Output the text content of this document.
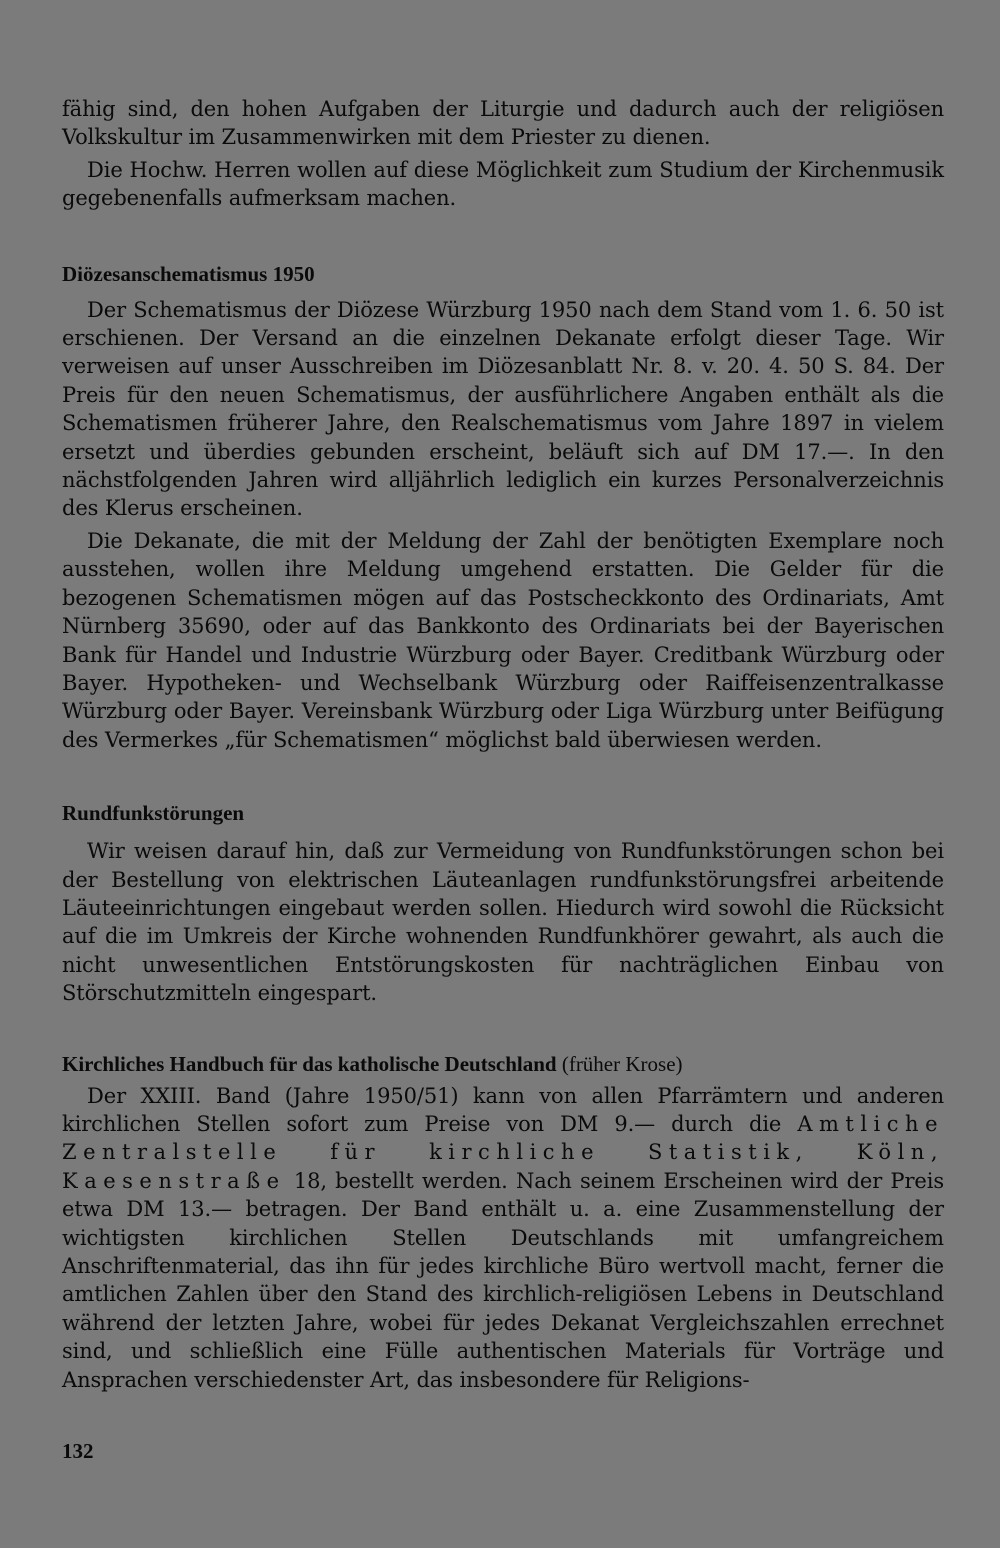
fähig sind, den hohen Aufgaben der Liturgie und dadurch auch der religiösen Volkskultur im Zusammenwirken mit dem Priester zu dienen.

Die Hochw. Herren wollen auf diese Möglichkeit zum Studium der Kirchenmusik gegebenenfalls aufmerksam machen.

Diözesanschematismus 1950

Der Schematismus der Diözese Würzburg 1950 nach dem Stand vom 1. 6. 50 ist erschienen. Der Versand an die einzelnen Dekanate erfolgt dieser Tage. Wir verweisen auf unser Ausschreiben im Diözesanblatt Nr. 8. v. 20. 4. 50 S. 84. Der Preis für den neuen Schematismus, der ausführlichere Angaben enthält als die Schematismen früherer Jahre, den Realschematismus vom Jahre 1897 in vielem ersetzt und überdies gebunden erscheint, beläuft sich auf DM 17.—. In den nächstfolgenden Jahren wird alljährlich lediglich ein kurzes Personalverzeichnis des Klerus erscheinen.

Die Dekanate, die mit der Meldung der Zahl der benötigten Exemplare noch ausstehen, wollen ihre Meldung umgehend erstatten. Die Gelder für die bezogenen Schematismen mögen auf das Postscheckkonto des Ordinariats, Amt Nürnberg 35690, oder auf das Bankkonto des Ordinariats bei der Bayerischen Bank für Handel und Industrie Würzburg oder Bayer. Creditbank Würzburg oder Bayer. Hypotheken- und Wechselbank Würzburg oder Raiffeisenzentralkasse Würzburg oder Bayer. Vereinsbank Würzburg oder Liga Würzburg unter Beifügung des Vermerkes „für Schematismen“ möglichst bald überwiesen werden.

Rundfunkstörungen

Wir weisen darauf hin, daß zur Vermeidung von Rundfunkstörungen schon bei der Bestellung von elektrischen Läuteanlagen rundfunkstörungsfrei arbeitende Läuteeinrichtungen eingebaut werden sollen. Hiedurch wird sowohl die Rücksicht auf die im Umkreis der Kirche wohnenden Rundfunkhörer gewahrt, als auch die nicht unwesentlichen Entstörungskosten für nachträglichen Einbau von Störschutzmitteln eingespart.

Kirchliches Handbuch für das katholische Deutschland (früher Krose)

Der XXIII. Band (Jahre 1950/51) kann von allen Pfarrämtern und anderen kirchlichen Stellen sofort zum Preise von DM 9.— durch die Amtliche Zentralstelle für kirchliche Statistik, Köln, Kaesenstraße 18, bestellt werden. Nach seinem Erscheinen wird der Preis etwa DM 13.— betragen. Der Band enthält u. a. eine Zusammenstellung der wichtigsten kirchlichen Stellen Deutschlands mit umfangreichem Anschriftenmaterial, das ihn für jedes kirchliche Büro wertvoll macht, ferner die amtlichen Zahlen über den Stand des kirchlich-religiösen Lebens in Deutschland während der letzten Jahre, wobei für jedes Dekanat Vergleichszahlen errechnet sind, und schließlich eine Fülle authentischen Materials für Vorträge und Ansprachen verschiedenster Art, das insbesondere für Religions-

132
